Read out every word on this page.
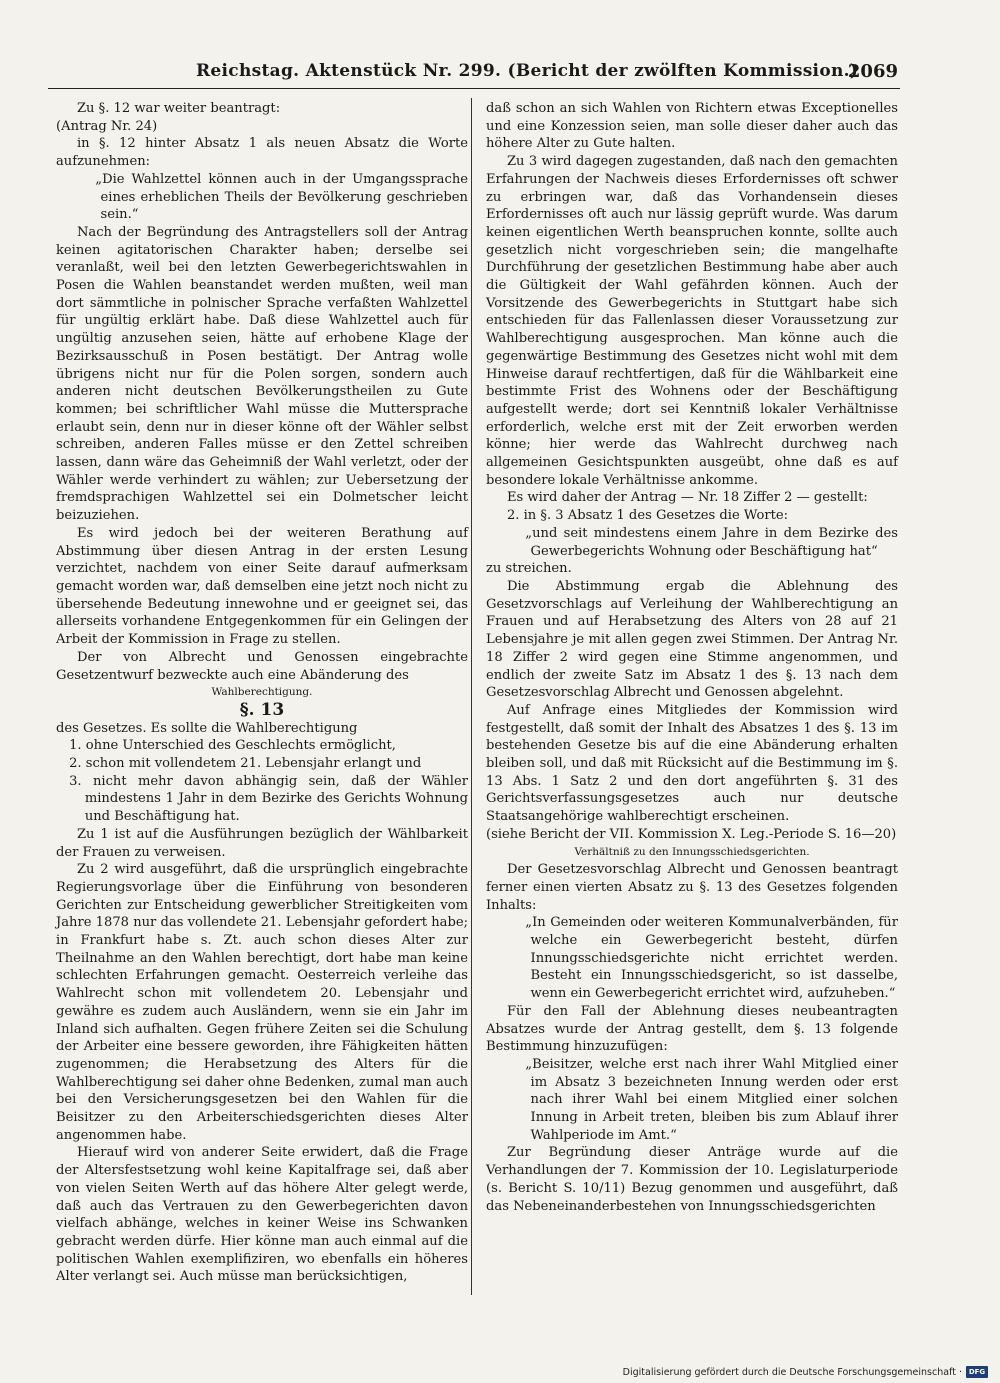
Reichstag. Aktenstück Nr. 299. (Bericht der zwölften Kommission.)
2069

Zu §. 12 war weiter beantragt:

(Antrag Nr. 24)

in §. 12 hinter Absatz 1 als neuen Absatz die Worte aufzunehmen:

„Die Wahlzettel können auch in der Umgangssprache eines erheblichen Theils der Bevölkerung geschrieben sein.“

Nach der Begründung des Antragstellers soll der Antrag keinen agitatorischen Charakter haben; derselbe sei veranlaßt, weil bei den letzten Gewerbegerichtswahlen in Posen die Wahlen beanstandet werden mußten, weil man dort sämmtliche in polnischer Sprache verfaßten Wahlzettel für ungültig erklärt habe. Daß diese Wahlzettel auch für ungültig anzusehen seien, hätte auf erhobene Klage der Bezirksausschuß in Posen bestätigt. Der Antrag wolle übrigens nicht nur für die Polen sorgen, sondern auch anderen nicht deutschen Bevölkerungstheilen zu Gute kommen; bei schriftlicher Wahl müsse die Muttersprache erlaubt sein, denn nur in dieser könne oft der Wähler selbst schreiben, anderen Falles müsse er den Zettel schreiben lassen, dann wäre das Geheimniß der Wahl verletzt, oder der Wähler werde verhindert zu wählen; zur Uebersetzung der fremdsprachigen Wahlzettel sei ein Dolmetscher leicht beizuziehen.

Es wird jedoch bei der weiteren Berathung auf Abstimmung über diesen Antrag in der ersten Lesung verzichtet, nachdem von einer Seite darauf aufmerksam gemacht worden war, daß demselben eine jetzt noch nicht zu übersehende Bedeutung innewohne und er geeignet sei, das allerseits vorhandene Entgegenkommen für ein Gelingen der Arbeit der Kommission in Frage zu stellen.

Der von Albrecht und Genossen eingebrachte Gesetzentwurf bezweckte auch eine Abänderung des

Wahlberechtigung.

§. 13

des Gesetzes. Es sollte die Wahlberechtigung

1. ohne Unterschied des Geschlechts ermöglicht,

2. schon mit vollendetem 21. Lebensjahr erlangt und

3. nicht mehr davon abhängig sein, daß der Wähler mindestens 1 Jahr in dem Bezirke des Gerichts Wohnung und Beschäftigung hat.

Zu 1 ist auf die Ausführungen bezüglich der Wählbarkeit der Frauen zu verweisen.

Zu 2 wird ausgeführt, daß die ursprünglich eingebrachte Regierungsvorlage über die Einführung von besonderen Gerichten zur Entscheidung gewerblicher Streitigkeiten vom Jahre 1878 nur das vollendete 21. Lebensjahr gefordert habe; in Frankfurt habe s. Zt. auch schon dieses Alter zur Theilnahme an den Wahlen berechtigt, dort habe man keine schlechten Erfahrungen gemacht. Oesterreich verleihe das Wahlrecht schon mit vollendetem 20. Lebensjahr und gewähre es zudem auch Ausländern, wenn sie ein Jahr im Inland sich aufhalten. Gegen frühere Zeiten sei die Schulung der Arbeiter eine bessere geworden, ihre Fähigkeiten hätten zugenommen; die Herabsetzung des Alters für die Wahlberechtigung sei daher ohne Bedenken, zumal man auch bei den Versicherungsgesetzen bei den Wahlen für die Beisitzer zu den Arbeiterschiedsgerichten dieses Alter angenommen habe.

Hierauf wird von anderer Seite erwidert, daß die Frage der Altersfestsetzung wohl keine Kapitalfrage sei, daß aber von vielen Seiten Werth auf das höhere Alter gelegt werde, daß auch das Vertrauen zu den Gewerbegerichten davon vielfach abhänge, welches in keiner Weise ins Schwanken gebracht werden dürfe. Hier könne man auch einmal auf die politischen Wahlen exemplifiziren, wo ebenfalls ein höheres Alter verlangt sei. Auch müsse man berücksichtigen,

daß schon an sich Wahlen von Richtern etwas Exceptionelles und eine Konzession seien, man solle dieser daher auch das höhere Alter zu Gute halten.

Zu 3 wird dagegen zugestanden, daß nach den gemachten Erfahrungen der Nachweis dieses Erfordernisses oft schwer zu erbringen war, daß das Vorhandensein dieses Erfordernisses oft auch nur lässig geprüft wurde. Was darum keinen eigentlichen Werth beanspruchen konnte, sollte auch gesetzlich nicht vorgeschrieben sein; die mangelhafte Durchführung der gesetzlichen Bestimmung habe aber auch die Gültigkeit der Wahl gefährden können. Auch der Vorsitzende des Gewerbegerichts in Stuttgart habe sich entschieden für das Fallenlassen dieser Voraussetzung zur Wahlberechtigung ausgesprochen. Man könne auch die gegenwärtige Bestimmung des Gesetzes nicht wohl mit dem Hinweise darauf rechtfertigen, daß für die Wählbarkeit eine bestimmte Frist des Wohnens oder der Beschäftigung aufgestellt werde; dort sei Kenntniß lokaler Verhältnisse erforderlich, welche erst mit der Zeit erworben werden könne; hier werde das Wahlrecht durchweg nach allgemeinen Gesichtspunkten ausgeübt, ohne daß es auf besondere lokale Verhältnisse ankomme.

Es wird daher der Antrag — Nr. 18 Ziffer 2 — gestellt:

2. in §. 3 Absatz 1 des Gesetzes die Worte:

„und seit mindestens einem Jahre in dem Bezirke des Gewerbegerichts Wohnung oder Beschäftigung hat“

zu streichen.

Die Abstimmung ergab die Ablehnung des Gesetzvorschlags auf Verleihung der Wahlberechtigung an Frauen und auf Herabsetzung des Alters von 28 auf 21 Lebensjahre je mit allen gegen zwei Stimmen. Der Antrag Nr. 18 Ziffer 2 wird gegen eine Stimme angenommen, und endlich der zweite Satz im Absatz 1 des §. 13 nach dem Gesetzesvorschlag Albrecht und Genossen abgelehnt.

Auf Anfrage eines Mitgliedes der Kommission wird festgestellt, daß somit der Inhalt des Absatzes 1 des §. 13 im bestehenden Gesetze bis auf die eine Abänderung erhalten bleiben soll, und daß mit Rücksicht auf die Bestimmung im §. 13 Abs. 1 Satz 2 und den dort angeführten §. 31 des Gerichtsverfassungsgesetzes auch nur deutsche Staatsangehörige wahlberechtigt erscheinen.

(siehe Bericht der VII. Kommission X. Leg.-Periode S. 16—20)

Verhältniß zu den Innungsschiedsgerichten.

Der Gesetzesvorschlag Albrecht und Genossen beantragt ferner einen vierten Absatz zu §. 13 des Gesetzes folgenden Inhalts:

„In Gemeinden oder weiteren Kommunalverbänden, für welche ein Gewerbegericht besteht, dürfen Innungsschiedsgerichte nicht errichtet werden. Besteht ein Innungsschiedsgericht, so ist dasselbe, wenn ein Gewerbegericht errichtet wird, aufzuheben.“

Für den Fall der Ablehnung dieses neubeantragten Absatzes wurde der Antrag gestellt, dem §. 13 folgende Bestimmung hinzuzufügen:

„Beisitzer, welche erst nach ihrer Wahl Mitglied einer im Absatz 3 bezeichneten Innung werden oder erst nach ihrer Wahl bei einem Mitglied einer solchen Innung in Arbeit treten, bleiben bis zum Ablauf ihrer Wahlperiode im Amt.“

Zur Begründung dieser Anträge wurde auf die Verhandlungen der 7. Kommission der 10. Legislaturperiode (s. Bericht S. 10/11) Bezug genommen und ausgeführt, daß das Nebeneinanderbestehen von Innungsschiedsgerichten

Digitalisierung gefördert durch die Deutsche Forschungsgemeinschaft · DFG
